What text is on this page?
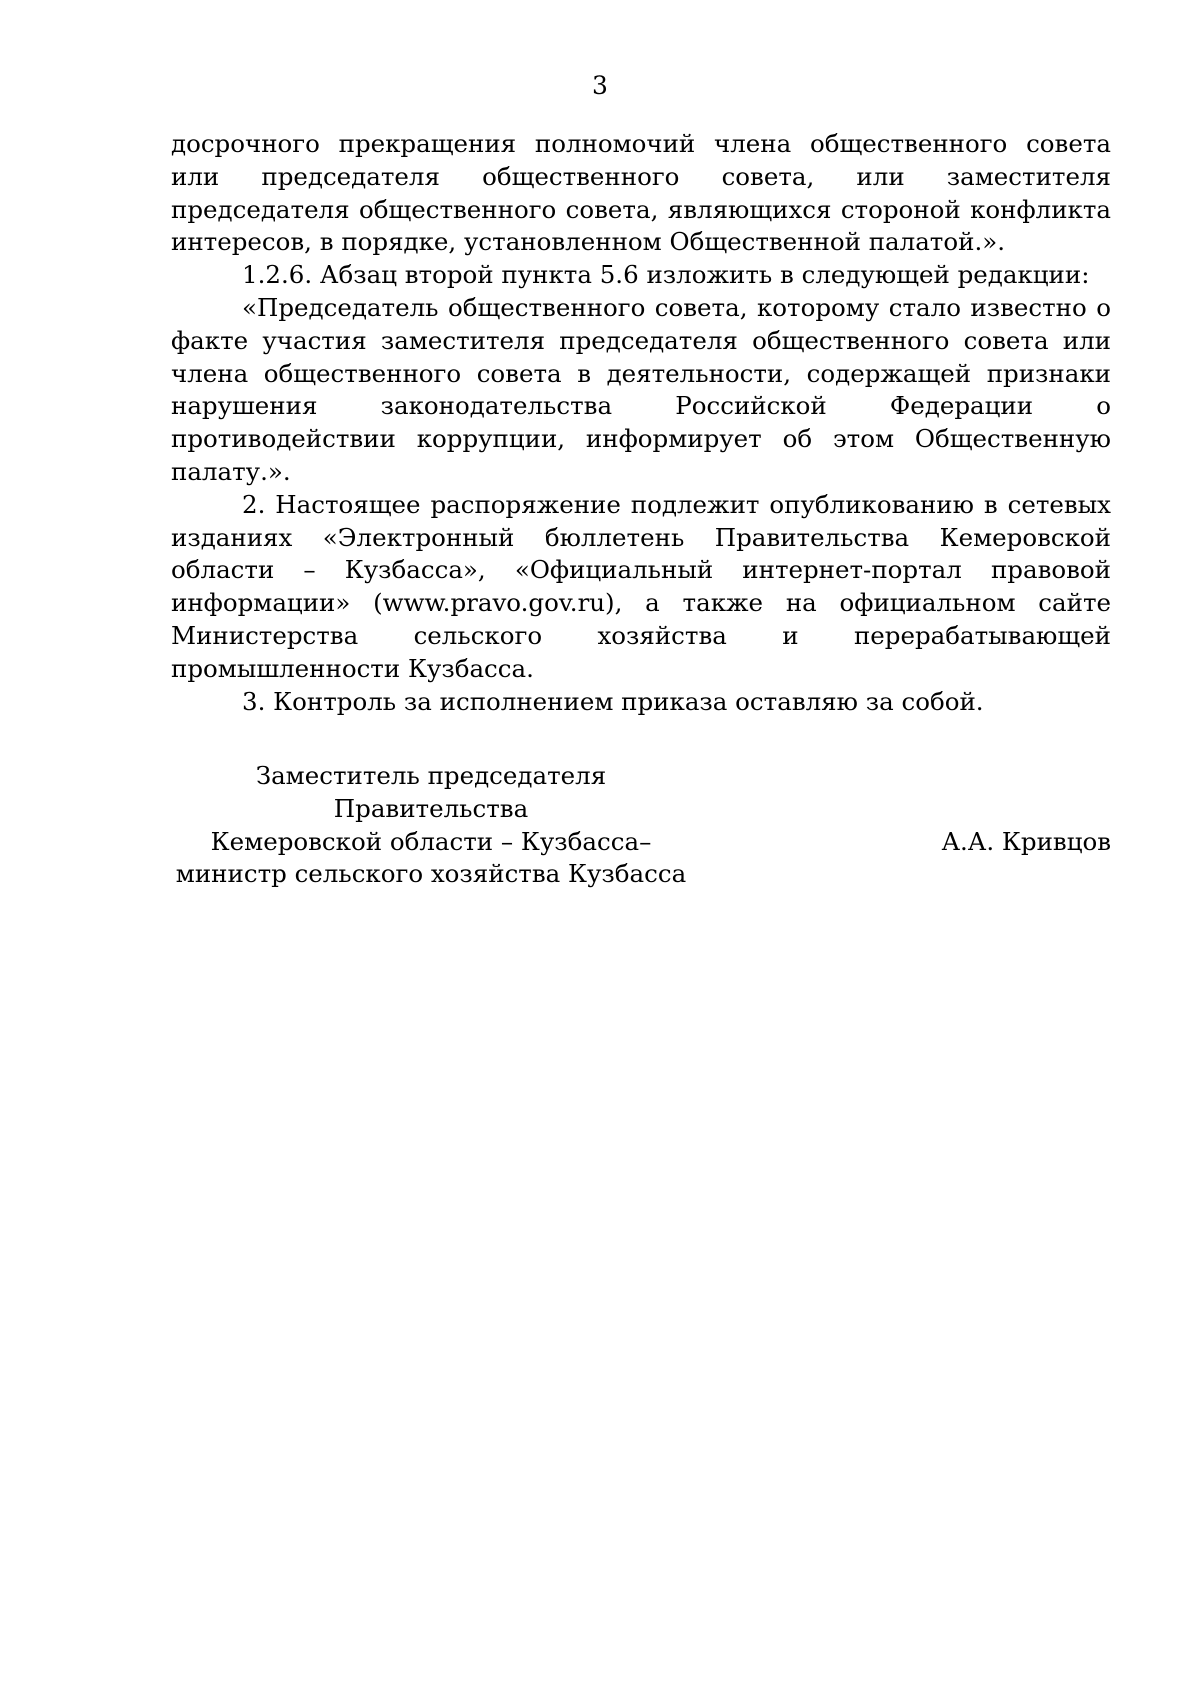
3

досрочного прекращения полномочий члена общественного совета или председателя общественного совета, или заместителя председателя общественного совета, являющихся стороной конфликта интересов, в порядке, установленном Общественной палатой.».

1.2.6. Абзац второй пункта 5.6 изложить в следующей редакции:

«Председатель общественного совета, которому стало известно о факте участия заместителя председателя общественного совета или члена общественного совета в деятельности, содержащей признаки нарушения законодательства Российской Федерации о противодействии коррупции, информирует об этом Общественную палату.».

2. Настоящее распоряжение подлежит опубликованию в сетевых изданиях «Электронный бюллетень Правительства Кемеровской области – Кузбасса», «Официальный интернет-портал правовой информации» (www.pravo.gov.ru), а также на официальном сайте Министерства сельского хозяйства и перерабатывающей промышленности Кузбасса.

3. Контроль за исполнением приказа оставляю за собой.

Заместитель председателя Правительства
Кемеровской области – Кузбасса–
министр сельского хозяйства Кузбасса
А.А. Кривцов
